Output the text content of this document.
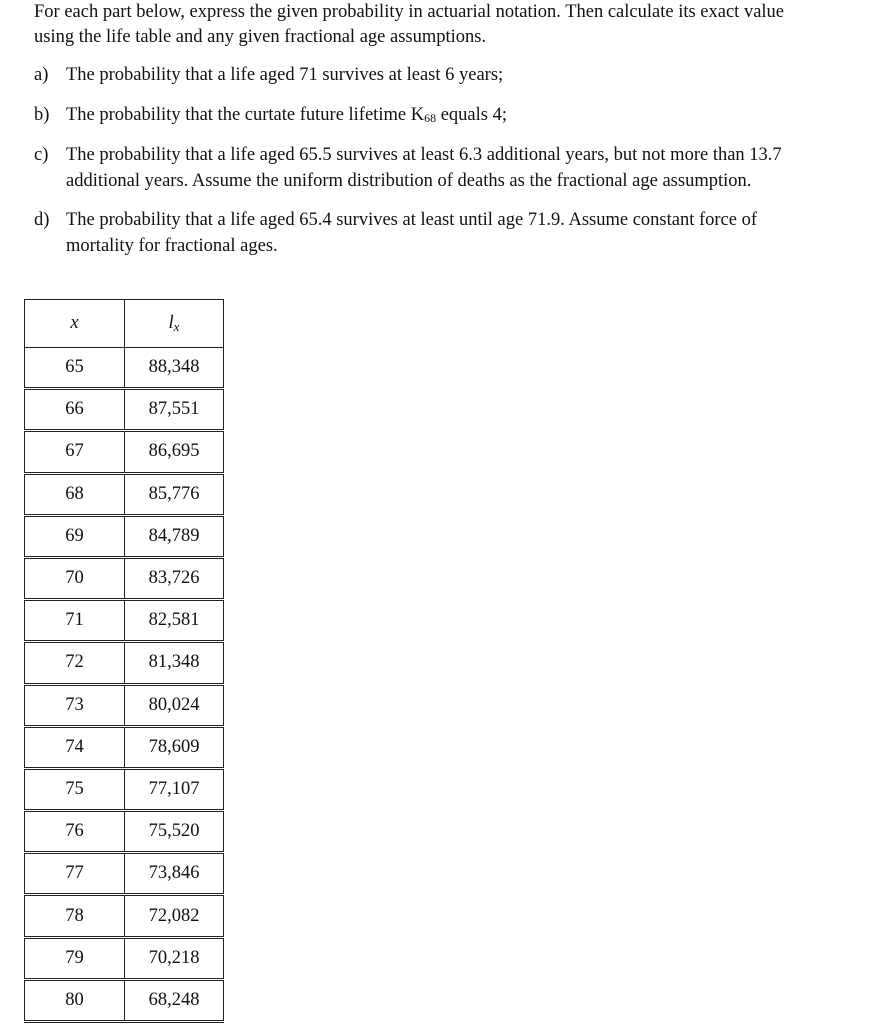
For each part below, express the given probability in actuarial notation. Then calculate its exact value
using the life table and any given fractional age assumptions.
a) The probability that a life aged 71 survives at least 6 years;
b) The probability that the curtate future lifetime K68 equals 4;
c) The probability that a life aged 65.5 survives at least 6.3 additional years, but not more than 13.7
additional years. Assume the uniform distribution of deaths as the fractional age assumption.
d) The probability that a life aged 65.4 survives at least until age 71.9. Assume constant force of
mortality for fractional ages.
x	lx
65	88,348
66	87,551
67	86,695
68	85,776
69	84,789
70	83,726
71	82,581
72	81,348
73	80,024
74	78,609
75	77,107
76	75,520
77	73,846
78	72,082
79	70,218
80	68,248
